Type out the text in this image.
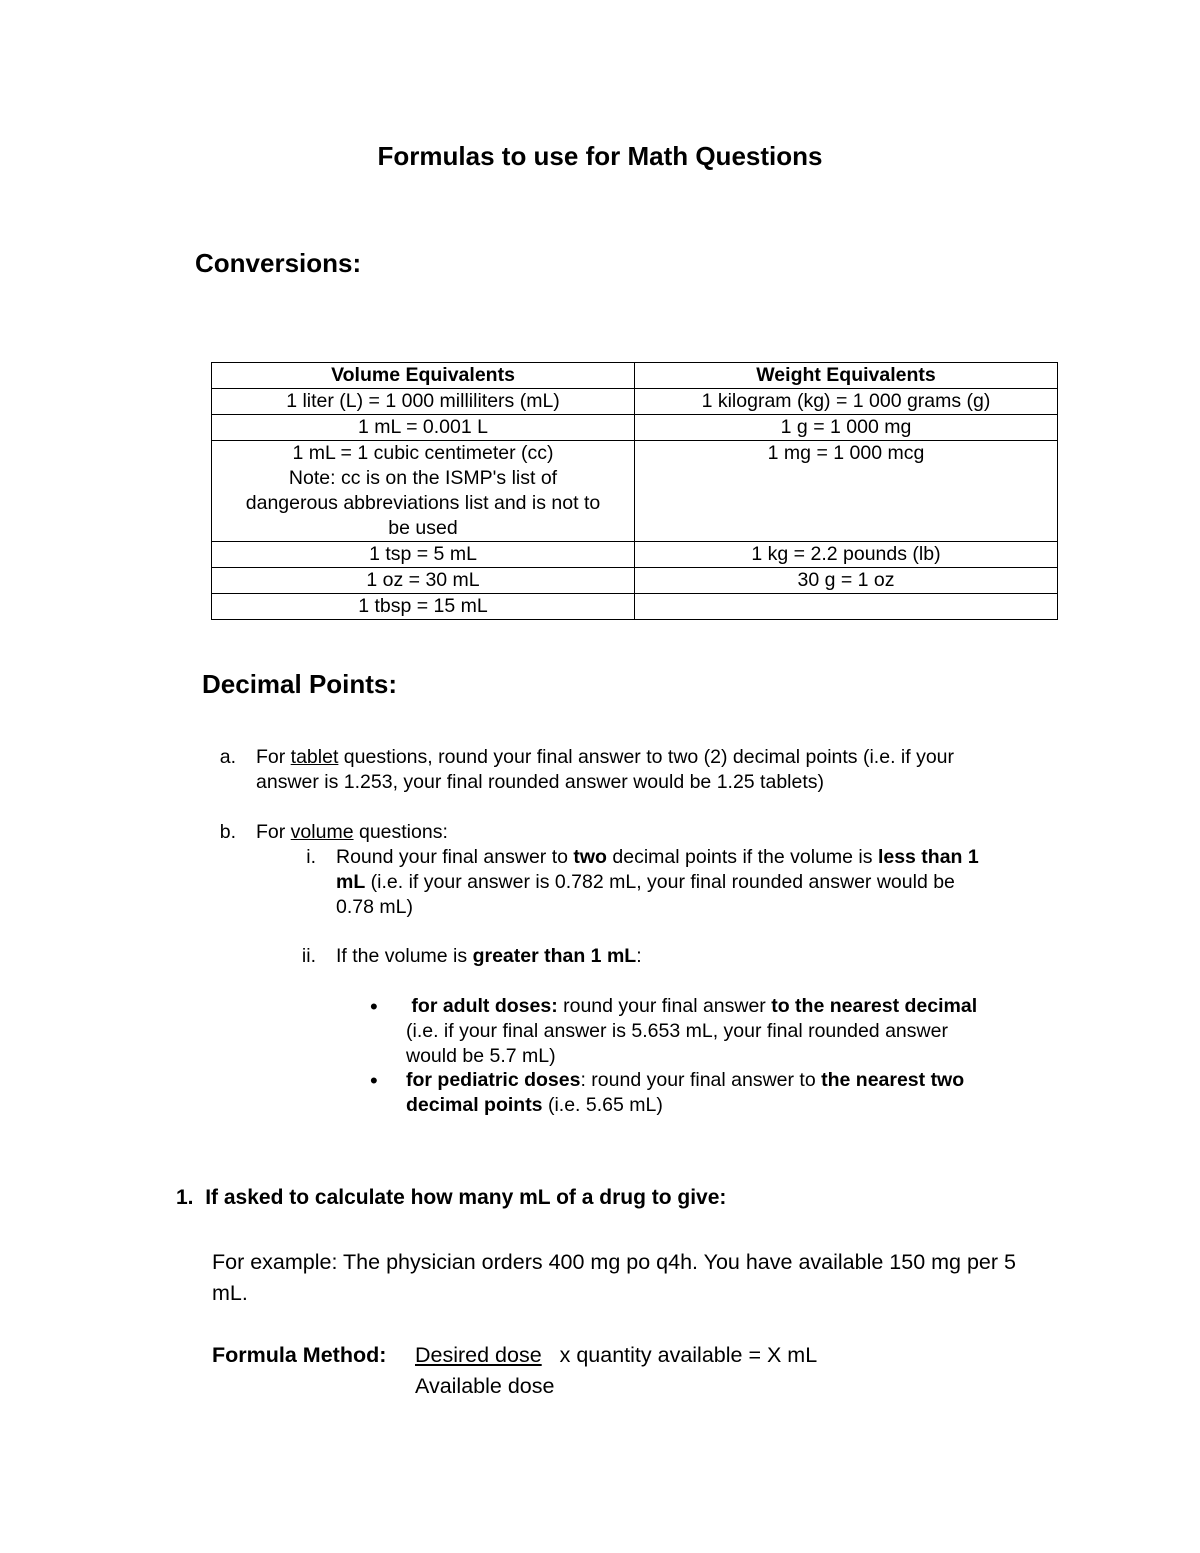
Formulas to use for Math Questions
Conversions:
Volume Equivalents	Weight Equivalents
1 liter (L) = 1 000 milliliters (mL)	1 kilogram (kg) = 1 000 grams (g)
1 mL = 0.001 L	1 g = 1 000 mg

1 mL = 1 cubic centimeter (cc)
Note: cc is on the ISMP's list of
dangerous abbreviations list and is not to
be used	1 mg = 1 000 mcg
1 tsp = 5 mL	1 kg = 2.2 pounds (lb)
1 oz = 30 mL	30 g = 1 oz
1 tbsp = 15 mL	
Decimal Points:
a. For tablet questions, round your final answer to two (2) decimal points (i.e. if your
answer is 1.253, your final rounded answer would be 1.25 tablets)
b. For volume questions:
i. Round your final answer to two decimal points if the volume is less than 1
mL (i.e. if your answer is 0.782 mL, your final rounded answer would be
0.78 mL)
ii. If the volume is greater than 1 mL:
• for adult doses: round your final answer to the nearest decimal
(i.e. if your final answer is 5.653 mL, your final rounded answer
would be 5.7 mL)
• for pediatric doses: round your final answer to the nearest two
decimal points (i.e. 5.65 mL)
1. If asked to calculate how many mL of a drug to give:
For example: The physician orders 400 mg po q4h. You have available 150 mg per 5 mL.
Formula Method: Desired dose x quantity available = X mL
Available dose
